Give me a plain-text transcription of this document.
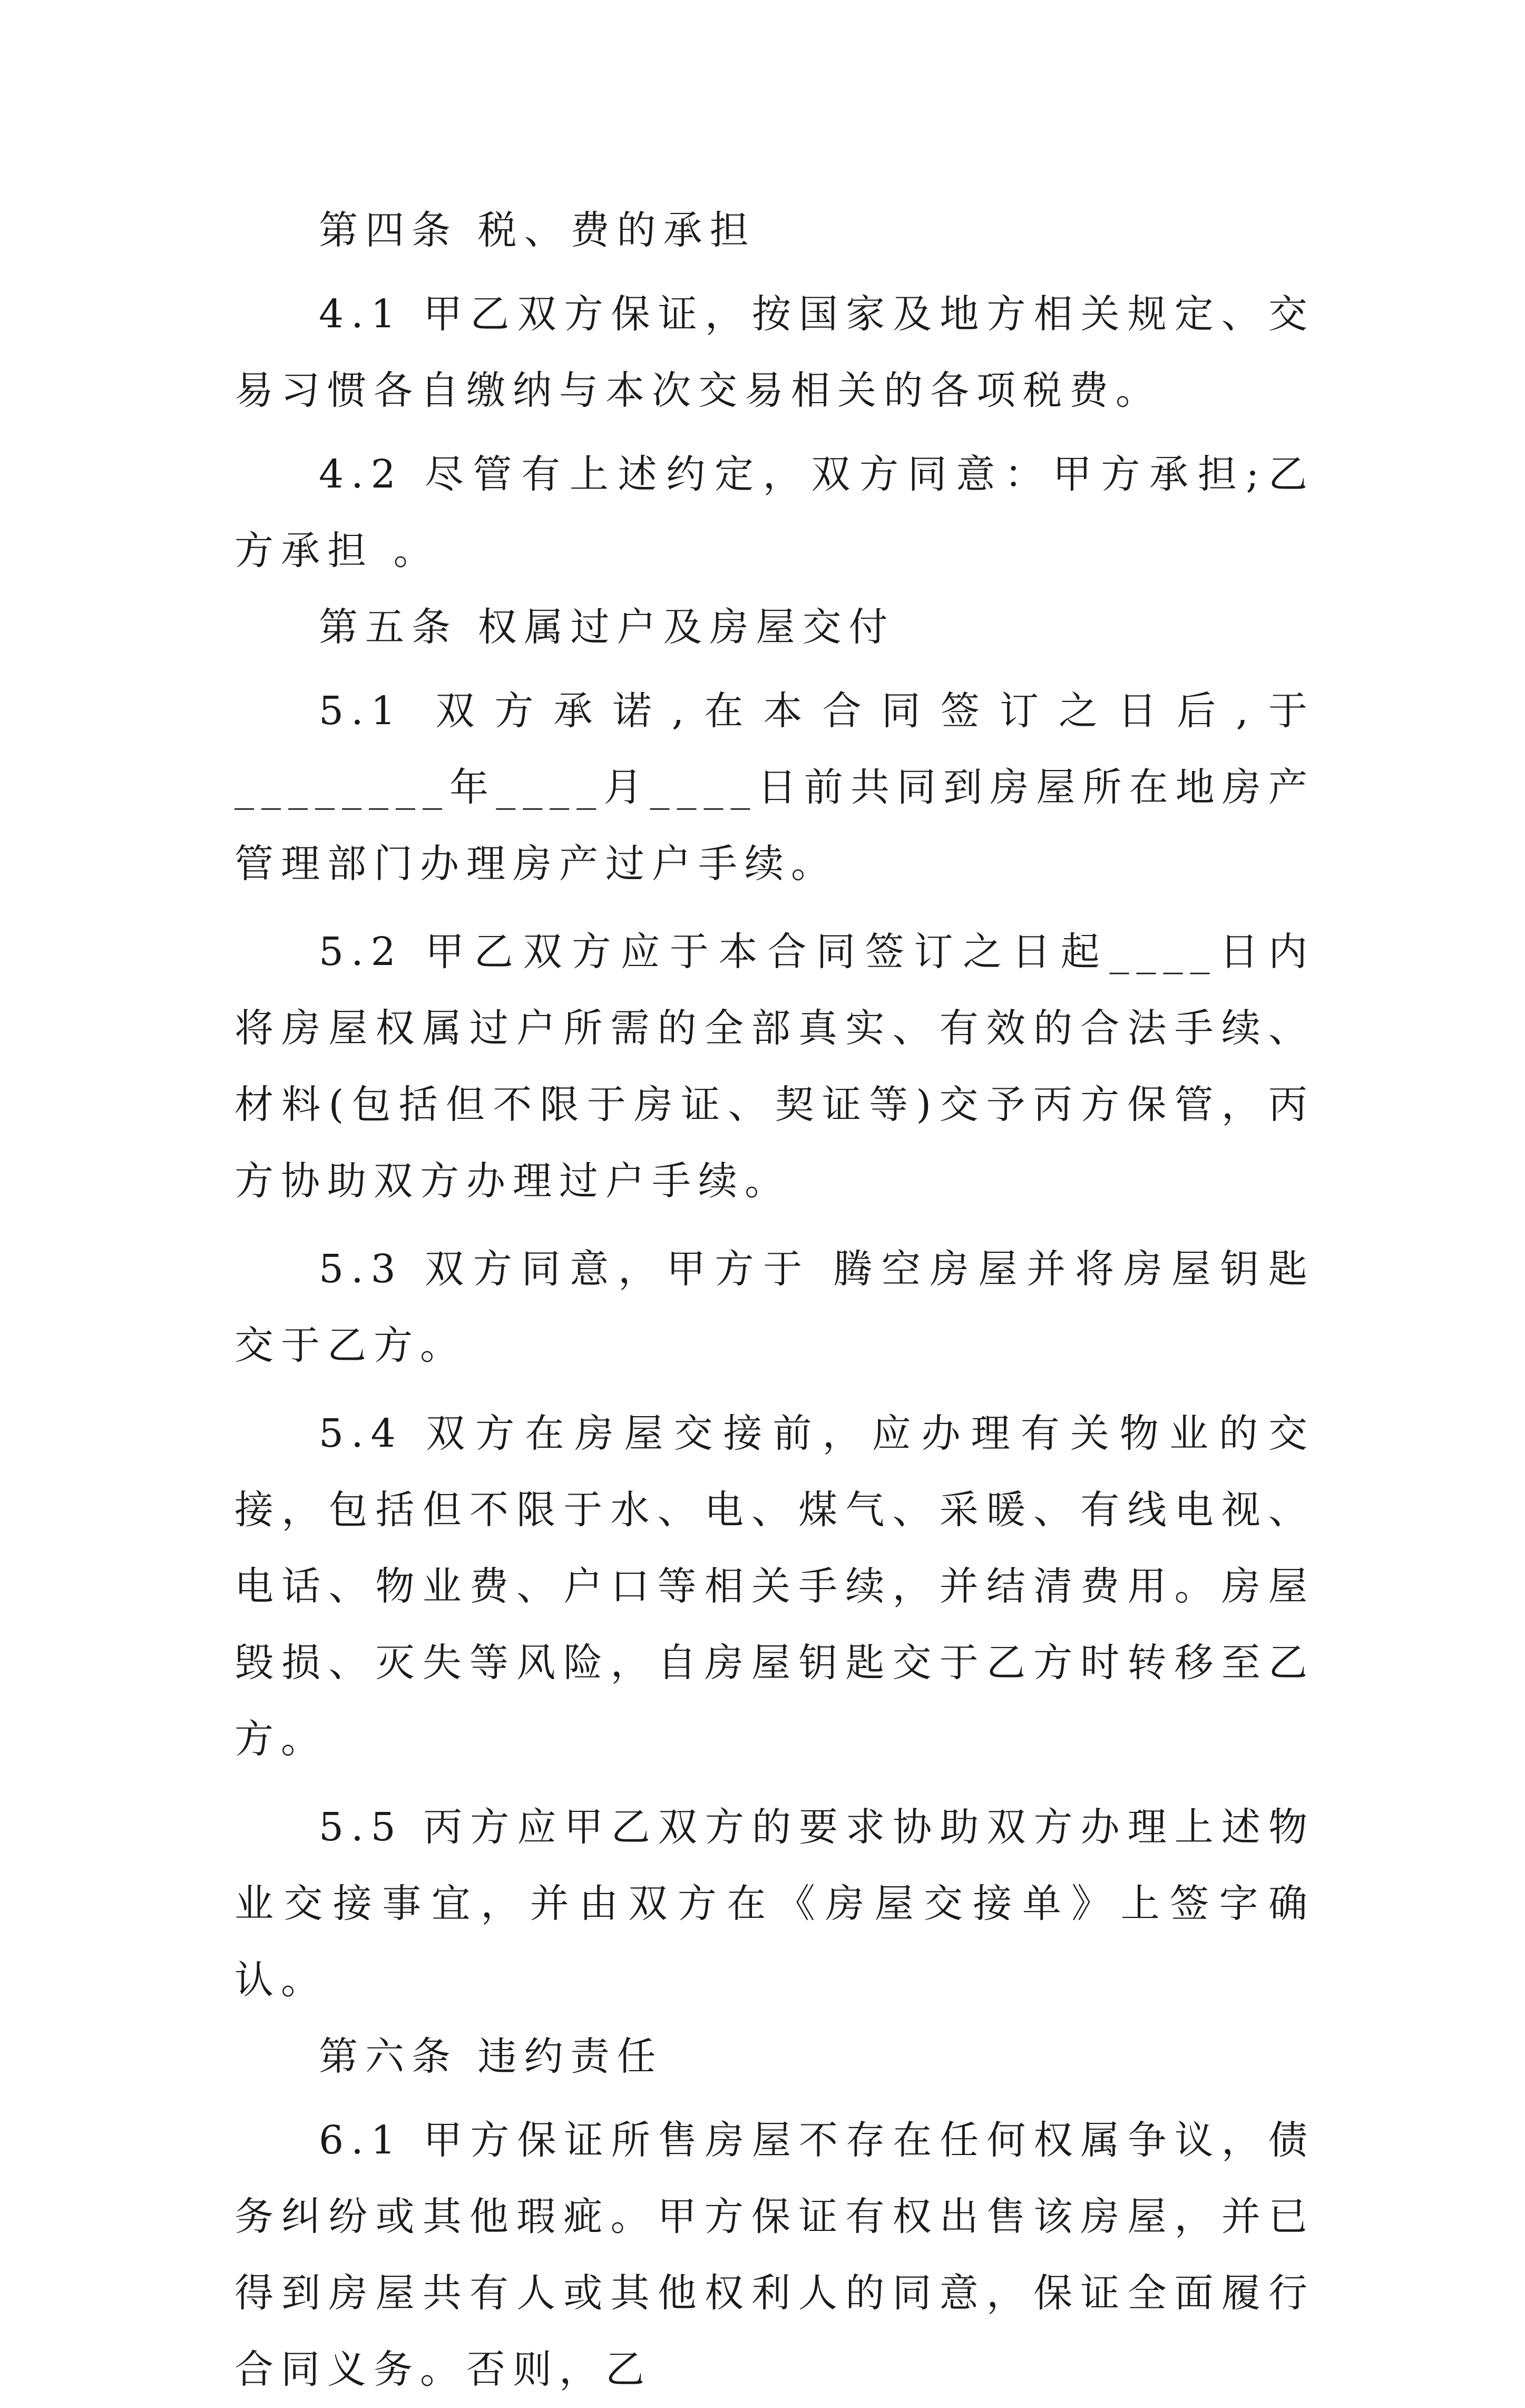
第四条 税、费的承担

4.1 甲乙双方保证，按国家及地方相关规定、交易习惯各自缴纳与本次交易相关的各项税费。

4.2 尽管有上述约定，双方同意：甲方承担;乙方承担 。

第五条 权属过户及房屋交付

5.1 双方承诺,在本合同签订之日后,于________年____月____日前共同到房屋所在地房产管理部门办理房产过户手续。

5.2 甲乙双方应于本合同签订之日起____日内将房屋权属过户所需的全部真实、有效的合法手续、材料(包括但不限于房证、契证等)交予丙方保管，丙方协助双方办理过户手续。

5.3 双方同意，甲方于 腾空房屋并将房屋钥匙交于乙方。

5.4 双方在房屋交接前，应办理有关物业的交接，包括但不限于水、电、煤气、采暖、有线电视、电话、物业费、户口等相关手续，并结清费用。房屋毁损、灭失等风险，自房屋钥匙交于乙方时转移至乙方。

5.5 丙方应甲乙双方的要求协助双方办理上述物业交接事宜，并由双方在《房屋交接单》上签字确认。

第六条 违约责任

6.1 甲方保证所售房屋不存在任何权属争议，债务纠纷或其他瑕疵。甲方保证有权出售该房屋，并已得到房屋共有人或其他权利人的同意，保证全面履行合同义务。否则，乙
